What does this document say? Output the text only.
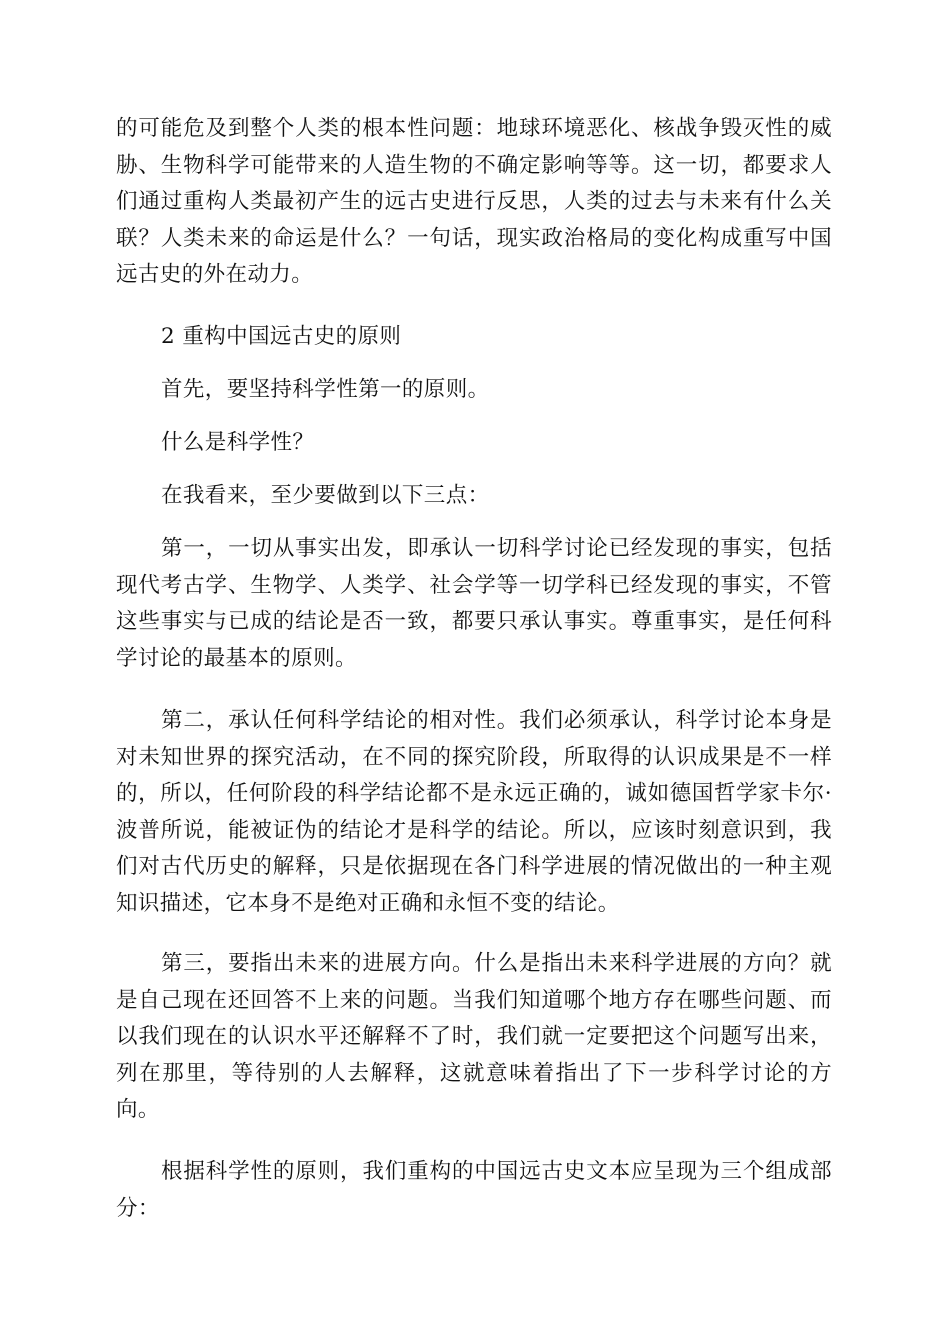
的可能危及到整个人类的根本性问题：地球环境恶化、核战争毁灭性的威胁、生物科学可能带来的人造生物的不确定影响等等。这一切，都要求人们通过重构人类最初产生的远古史进行反思，人类的过去与未来有什么关联？人类未来的命运是什么？一句话，现实政治格局的变化构成重写中国远古史的外在动力。

2 重构中国远古史的原则

首先，要坚持科学性第一的原则。

什么是科学性？

在我看来，至少要做到以下三点：

第一，一切从事实出发，即承认一切科学讨论已经发现的事实，包括现代考古学、生物学、人类学、社会学等一切学科已经发现的事实，不管这些事实与已成的结论是否一致，都要只承认事实。尊重事实，是任何科学讨论的最基本的原则。

第二，承认任何科学结论的相对性。我们必须承认，科学讨论本身是对未知世界的探究活动，在不同的探究阶段，所取得的认识成果是不一样的，所以，任何阶段的科学结论都不是永远正确的，诚如德国哲学家卡尔·波普所说，能被证伪的结论才是科学的结论。所以，应该时刻意识到，我们对古代历史的解释，只是依据现在各门科学进展的情况做出的一种主观知识描述，它本身不是绝对正确和永恒不变的结论。

第三，要指出未来的进展方向。什么是指出未来科学进展的方向？就是自己现在还回答不上来的问题。当我们知道哪个地方存在哪些问题、而以我们现在的认识水平还解释不了时，我们就一定要把这个问题写出来，列在那里，等待别的人去解释，这就意味着指出了下一步科学讨论的方向。

根据科学性的原则，我们重构的中国远古史文本应呈现为三个组成部分：
